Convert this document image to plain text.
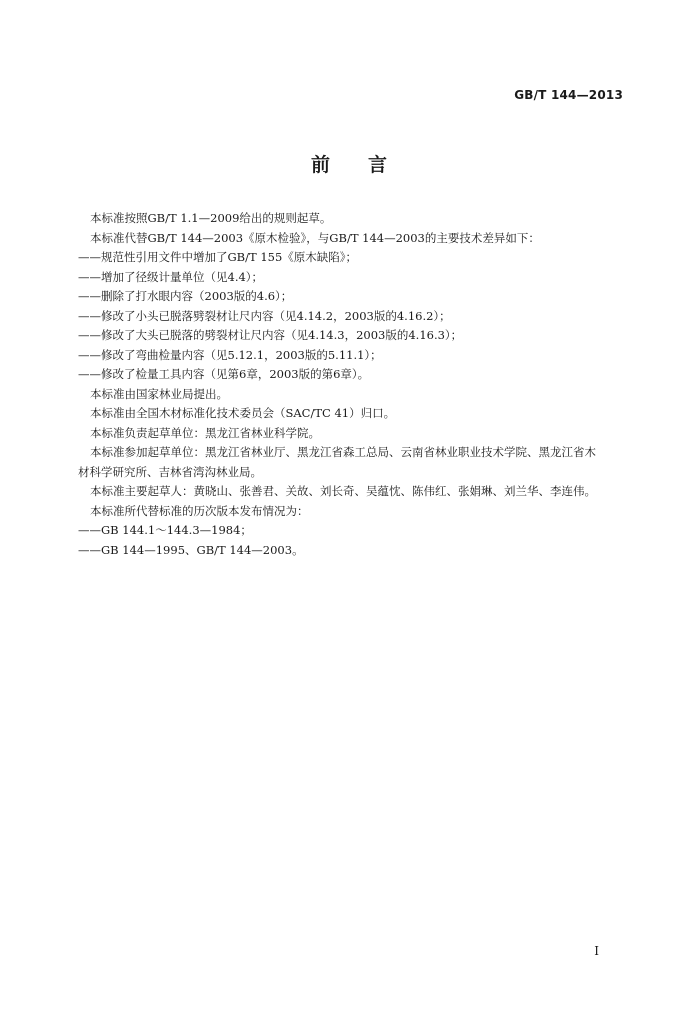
GB/T 144—2013
前言

本标准按照GB/T 1.1—2009给出的规则起草。

本标准代替GB/T 144—2003《原木检验》，与GB/T 144—2003的主要技术差异如下：

——规范性引用文件中增加了GB/T 155《原木缺陷》；

——增加了径级计量单位（见4.4）；

——删除了打水眼内容（2003版的4.6）；

——修改了小头已脱落劈裂材让尺内容（见4.14.2，2003版的4.16.2）；

——修改了大头已脱落的劈裂材让尺内容（见4.14.3，2003版的4.16.3）；

——修改了弯曲检量内容（见5.12.1，2003版的5.11.1）；

——修改了检量工具内容（见第6章，2003版的第6章）。

本标准由国家林业局提出。

本标准由全国木材标准化技术委员会（SAC/TC 41）归口。

本标准负责起草单位：黑龙江省林业科学院。

本标准参加起草单位：黑龙江省林业厅、黑龙江省森工总局、云南省林业职业技术学院、黑龙江省木

材科学研究所、吉林省湾沟林业局。

本标准主要起草人：黄晓山、张善君、关故、刘长奇、吴蕴忱、陈伟红、张娟琳、刘兰华、李连伟。

本标准所代替标准的历次版本发布情况为：

——GB 144.1～144.3—1984；

——GB 144—1995、GB/T 144—2003。

I
